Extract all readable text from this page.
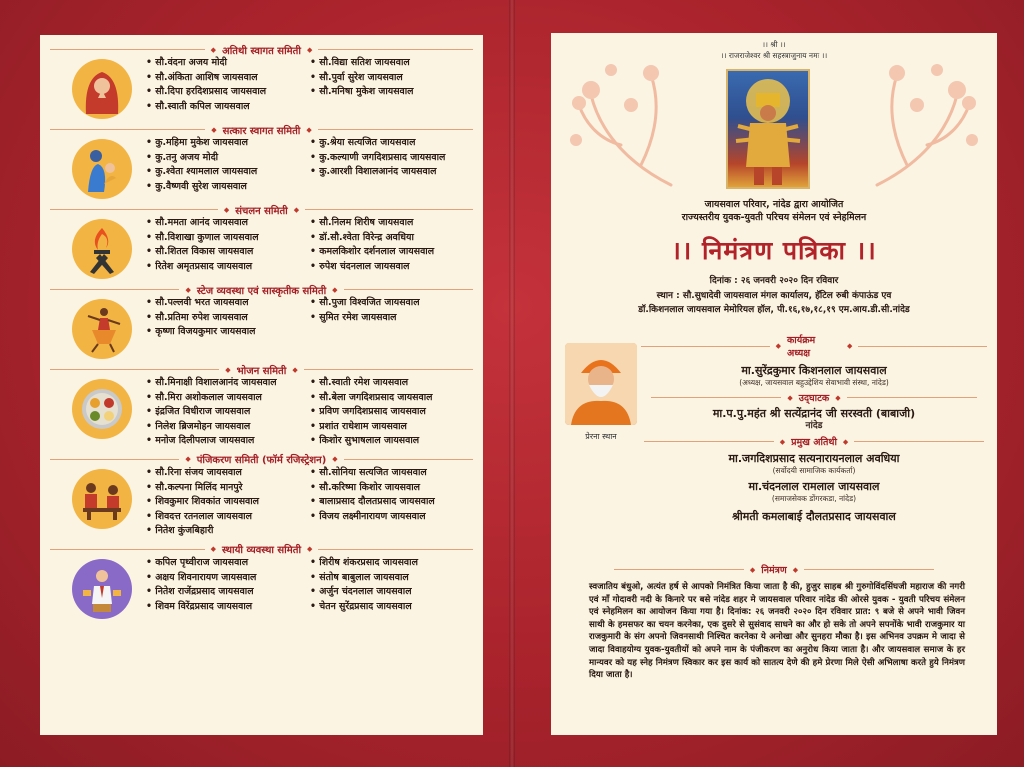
◆ अतिथी स्वागत समिती ◆
• सौ.वंदना अजय मोदी	• सौ.विद्या सतिश जायसवाल
• सौ.अंकिता आशिष जायसवाल	• सौ.पुर्वा सुरेश जायसवाल
• सौ.दिपा हरदिशप्रसाद जायसवाल	• सौ.मनिषा मुकेश जायसवाल
• सौ.स्वाती कपिल जायसवाल
◆ सत्कार स्वागत समिती ◆
• कु.महिमा मुकेश जायसवाल	• कु.श्रेया सत्यजित जायसवाल
• कु.तनु अजय मोदी	• कु.कल्याणी जगदिशप्रसाद जायसवाल
• कु.श्वेता श्यामलाल जायसवाल	• कु.आरशी विशालआनंद जायसवाल
• कु.वैष्णवी सुरेश जायसवाल
◆ संचलन समिती ◆
• सौ.ममता आनंद जायसवाल	• सौ.निलम शिरीष जायसवाल
• सौ.विशाखा कुणाल जायसवाल	• डॉ.सौ.श्वेता विरेन्द्र अवधिया
• सौ.शितल विकास जायसवाल	• कमलकिशोर दर्शनलाल जायसवाल
• रितेश अमृतप्रसाद जायसवाल	• रुपेश चंदनलाल जायसवाल
◆ स्टेज व्यवस्था एवं सास्कृतीक समिती ◆
• सौ.पल्लवी भरत जायसवाल	• सौ.पुजा विश्वजित जायसवाल
• सौ.प्रतिमा रुपेश जायसवाल	• सुमित रमेश जायसवाल
• कृष्णा विजयकुमार जायसवाल
◆ भोजन समिती ◆
• सौ.मिनाक्षी विशालआनंद जायसवाल	• सौ.स्वाती रमेश जायसवाल
• सौ.मिरा अशोकलाल जायसवाल	• सौ.बेला जगदिशप्रसाद जायसवाल
• इंद्रजित विधीराज जायसवाल	• प्रविण जगदिशप्रसाद जायसवाल
• निलेश ब्रिजमोहन जायसवाल	• प्रशांत राधेशाम जायसवाल
• मनोज दिलीपलाज जायसवाल	• किशोर सुभाषलाल जायसवाल
◆ पंजिकरण समिती (फॉर्म रजिस्ट्रेशन) ◆
• सौ.रिना संजय जायसवाल	• सौ.सोनिया सत्यजित जायसवाल
• सौ.कल्पना मिलिंद मानपुरे	• सौ.करिष्मा किशोर जायसवाल
• शिवकुमार शिवकांत जायसवाल	• बालाप्रसाद दौलतप्रसाद जायसवाल
• शिवदत्त रतनलाल जायसवाल	• विजय लक्ष्मीनारायण जायसवाल
• नितेश कुंजबिहारी
◆ स्थायी व्यवस्था समिती ◆
• कपिल पृथ्वीराज जायसवाल	• शिरीष शंकरप्रसाद जायसवाल
• अक्षय शिवनारायण जायसवाल	• संतोष बाबुलाल जायसवाल
• नितेश राजेंद्रप्रसाद जायसवाल	• अर्जुन चंदनलाल जायसवाल
• शिवम विरेंद्रप्रसाद जायसवाल	• चेतन सुरेंद्रप्रसाद जायसवाल
।। श्री ।।
।। राजराजेश्वर श्री सहस्त्राजुनाय नमः ।।
जायसवाल परिवार, नांदेड द्वारा आयोजित
राज्यस्तरीय युवक-युवती परिचय संमेलन एवं स्नेहमिलन
।। निमंत्रण पत्रिका ।।
दिनांक : २६ जनवरी २०२० दिन रविवार
स्थान : सौ.सुधादेवी जायसवाल मंगल कार्यालय, हॅटिल रुबी कंपाऊंड एव
डॉ.किशनलाल जायसवाल मेमोरियल हॉल, पी.१६,१७,१८,१९ एम.आय.डी.सी.नांदेड
प्रेरना स्थान
◆ कार्यक्रम अध्यक्ष
◆
मा.सुरेंद्रकुमार किशनलाल जायसवाल
(अध्यक्ष, जायसवाल बहुउद्देशिय सेवाभावी संस्था, नांदेड)
◆ उद्‌घाटक ◆
मा.प.पु.महंत श्री सत्येंद्रानंद जी सरस्वती (बाबाजी)
नांदेड
◆ प्रमुख अतिथी ◆
मा.जगदिशप्रसाद सत्यनारायनलाल अवधिया
(सर्वोदयी सामाजिक कार्यकर्ता)
मा.चंदनलाल रामलाल जायसवाल
(समाजसेवक डोंगरकडा, नांदेड)
श्रीमती कमलाबाई दौलतप्रसाद जायसवाल
◆ निमंत्रण ◆
स्वजातिय बंधुओ, अत्यंत हर्ष से आपको निमंत्रित किया जाता है की, हुजुर साहब श्री गुरुगोविंदसिंघजी महाराज की नगरी एवं माँ गोदावरी नदी के किनारे पर बसे नांदेड शहर मे जायसवाल परिवार नांदेड की ओरसे युवक - युवती परिचय संमेलन एवं स्नेहमिलन का आयोजन किया गया है। दिनांक: २६ जनवरी २०२० दिन रविवार प्रात: ९ बजे से अपने भावी जिवन साथी के हमसफर का चयन करनेका, एक दुसरे से सुसंवाद साधने का और हो सके तो अपने सपनोंके भावी राजकुमार या राजकुमारी के संग अपनो जिवनसाथी निश्चित करनेका ये अनोखा और सुनहरा मौका है। इस अभिनव उपक्रम मे जादा से जादा विवाहयोग्य युवक-युवतीयों को अपने नाम के पंजीकरण का अनुरोध किया जाता है। और जायसवाल समाज के हर मान्यवर को यह स्नेह निमंत्रण स्विकार कर इस कार्य को सातत्य देणे की हमे प्रेरणा मिले ऐसी अभिलाषा करते हुये निमंत्रण दिया जाता है।
